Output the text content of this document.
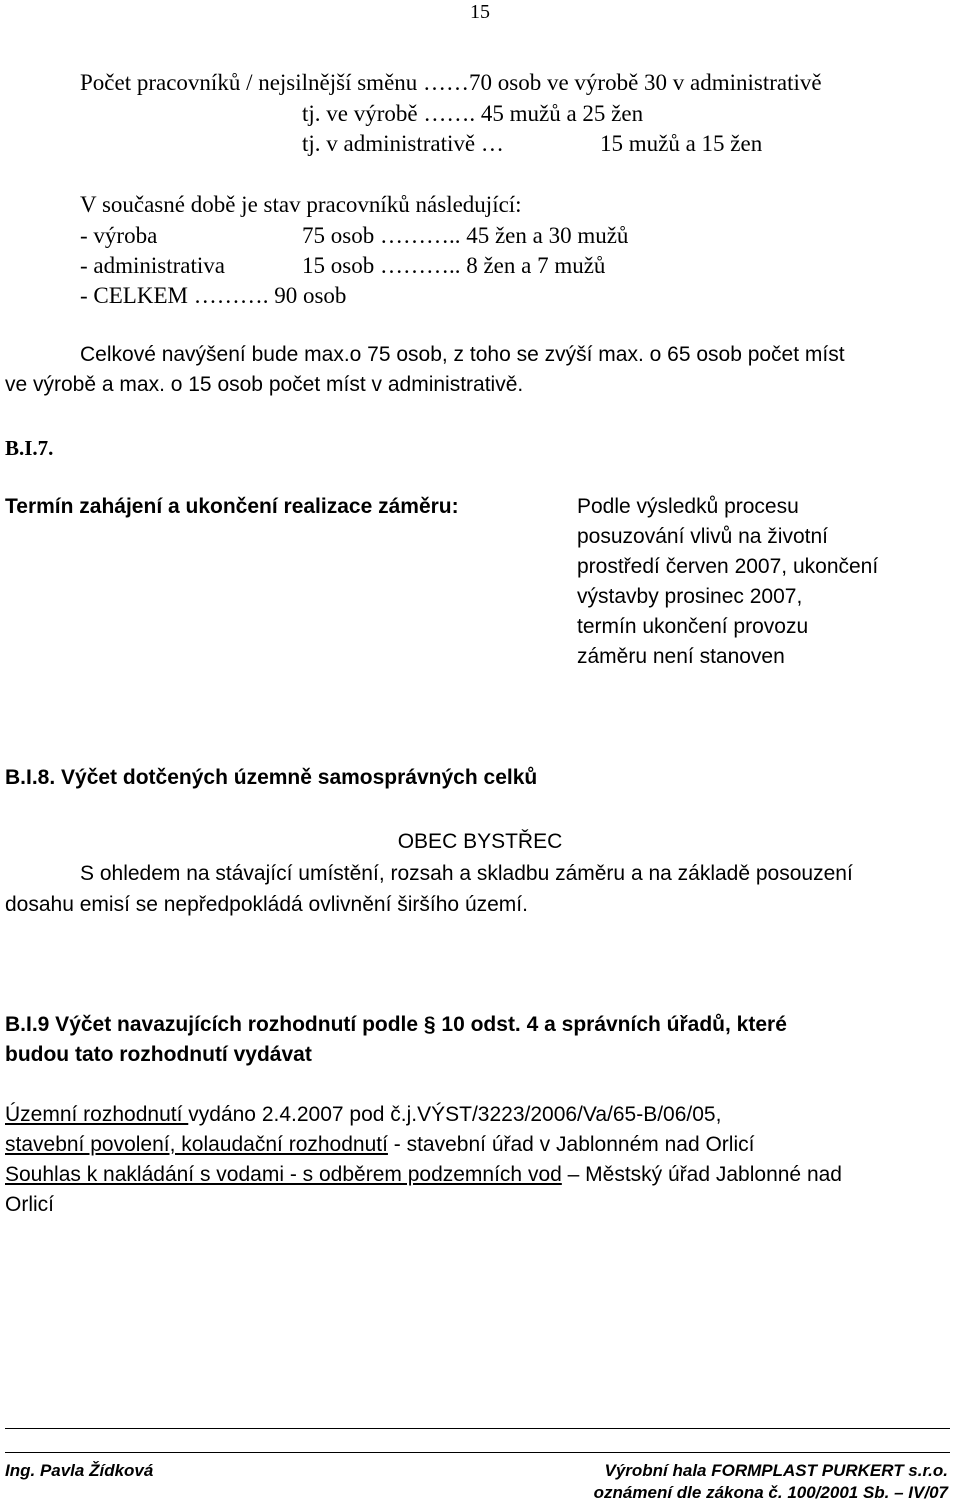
15
Počet pracovníků / nejsilnější směnu ……70 osob ve výrobě 30 v administrativě
tj. ve výrobě ……. 45 mužů a 25 žen
tj. v administrativě …	15 mužů a 15 žen
V současné době je stav pracovníků následující:
- výroba	75 osob ……….. 45 žen a 30 mužů
- administrativa	15 osob ……….. 8 žen a 7 mužů
- CELKEM ………. 90 osob
Celkové navýšení bude max.o 75 osob, z toho se zvýší max. o 65 osob počet míst
ve výrobě a max. o 15 osob počet míst v administrativě.
B.I.7.
Termín zahájení a ukončení realizace záměru:	Podle výsledků procesu
posuzování vlivů na životní
prostředí červen 2007, ukončení
výstavby prosinec 2007,
termín ukončení provozu
záměru není stanoven
B.I.8. Výčet dotčených územně samosprávných celků
OBEC BYSTŘEC
S ohledem na stávající umístění, rozsah a skladbu záměru a na základě posouzení
dosahu emisí se nepředpokládá ovlivnění širšího území.
B.I.9 Výčet navazujících rozhodnutí podle § 10 odst. 4 a správních úřadů, které
budou tato rozhodnutí vydávat
Územní rozhodnutí vydáno 2.4.2007 pod č.j.VÝST/3223/2006/Va/65-B/06/05,
stavební povolení, kolaudační rozhodnutí - stavební úřad v Jablonném nad Orlicí
Souhlas k nakládání s vodami - s odběrem podzemních vod – Městský úřad Jablonné nad
Orlicí
Ing. Pavla Žídková	Výrobní hala FORMPLAST PURKERT s.r.o.
oznámení dle zákona č. 100/2001 Sb. – IV/07
